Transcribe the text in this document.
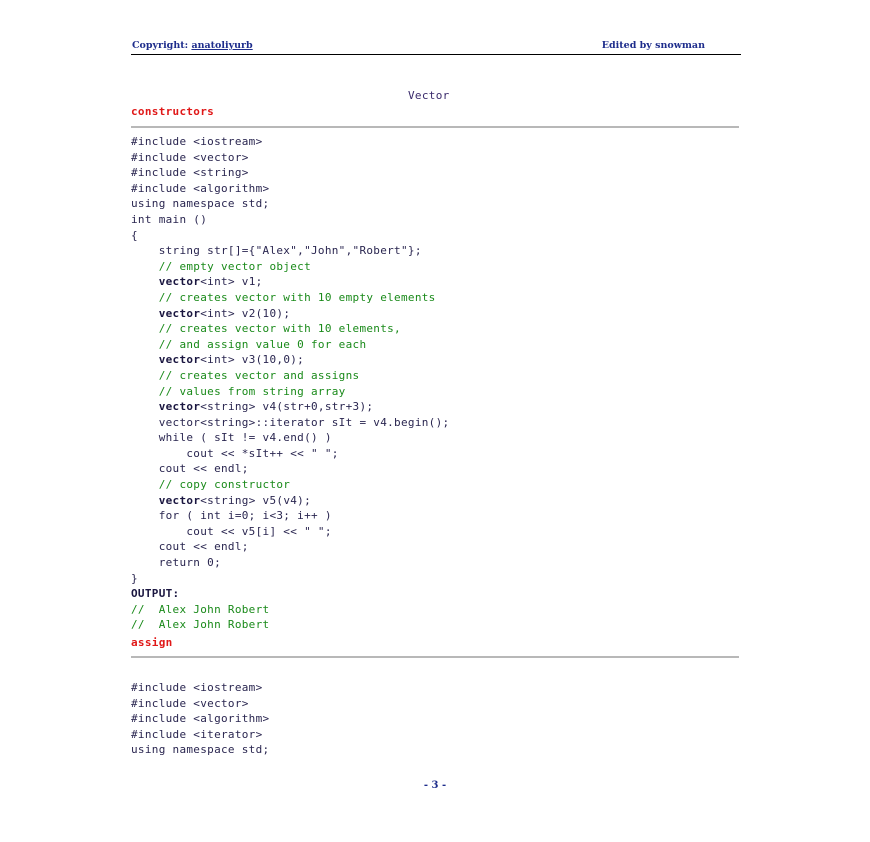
Copyright: anatoliyurb	Edited by snowman
Vector
constructors
#include <iostream>
#include <vector>
#include <string>
#include <algorithm>
using namespace std;
int main ()
{
string str[]={"Alex","John","Robert"};
// empty vector object
vector<int> v1;
// creates vector with 10 empty elements
vector<int> v2(10);
// creates vector with 10 elements,
// and assign value 0 for each
vector<int> v3(10,0);
// creates vector and assigns
// values from string array
vector<string> v4(str+0,str+3);
vector<string>::iterator sIt = v4.begin();
while ( sIt != v4.end() )
cout << *sIt++ << " ";
cout << endl;
// copy constructor
vector<string> v5(v4);
for ( int i=0; i<3; i++ )
cout << v5[i] << " ";
cout << endl;
return 0;
}
OUTPUT:
//  Alex John Robert
//  Alex John Robert
assign
#include <iostream>
#include <vector>
#include <algorithm>
#include <iterator>
using namespace std;
- 3 -
